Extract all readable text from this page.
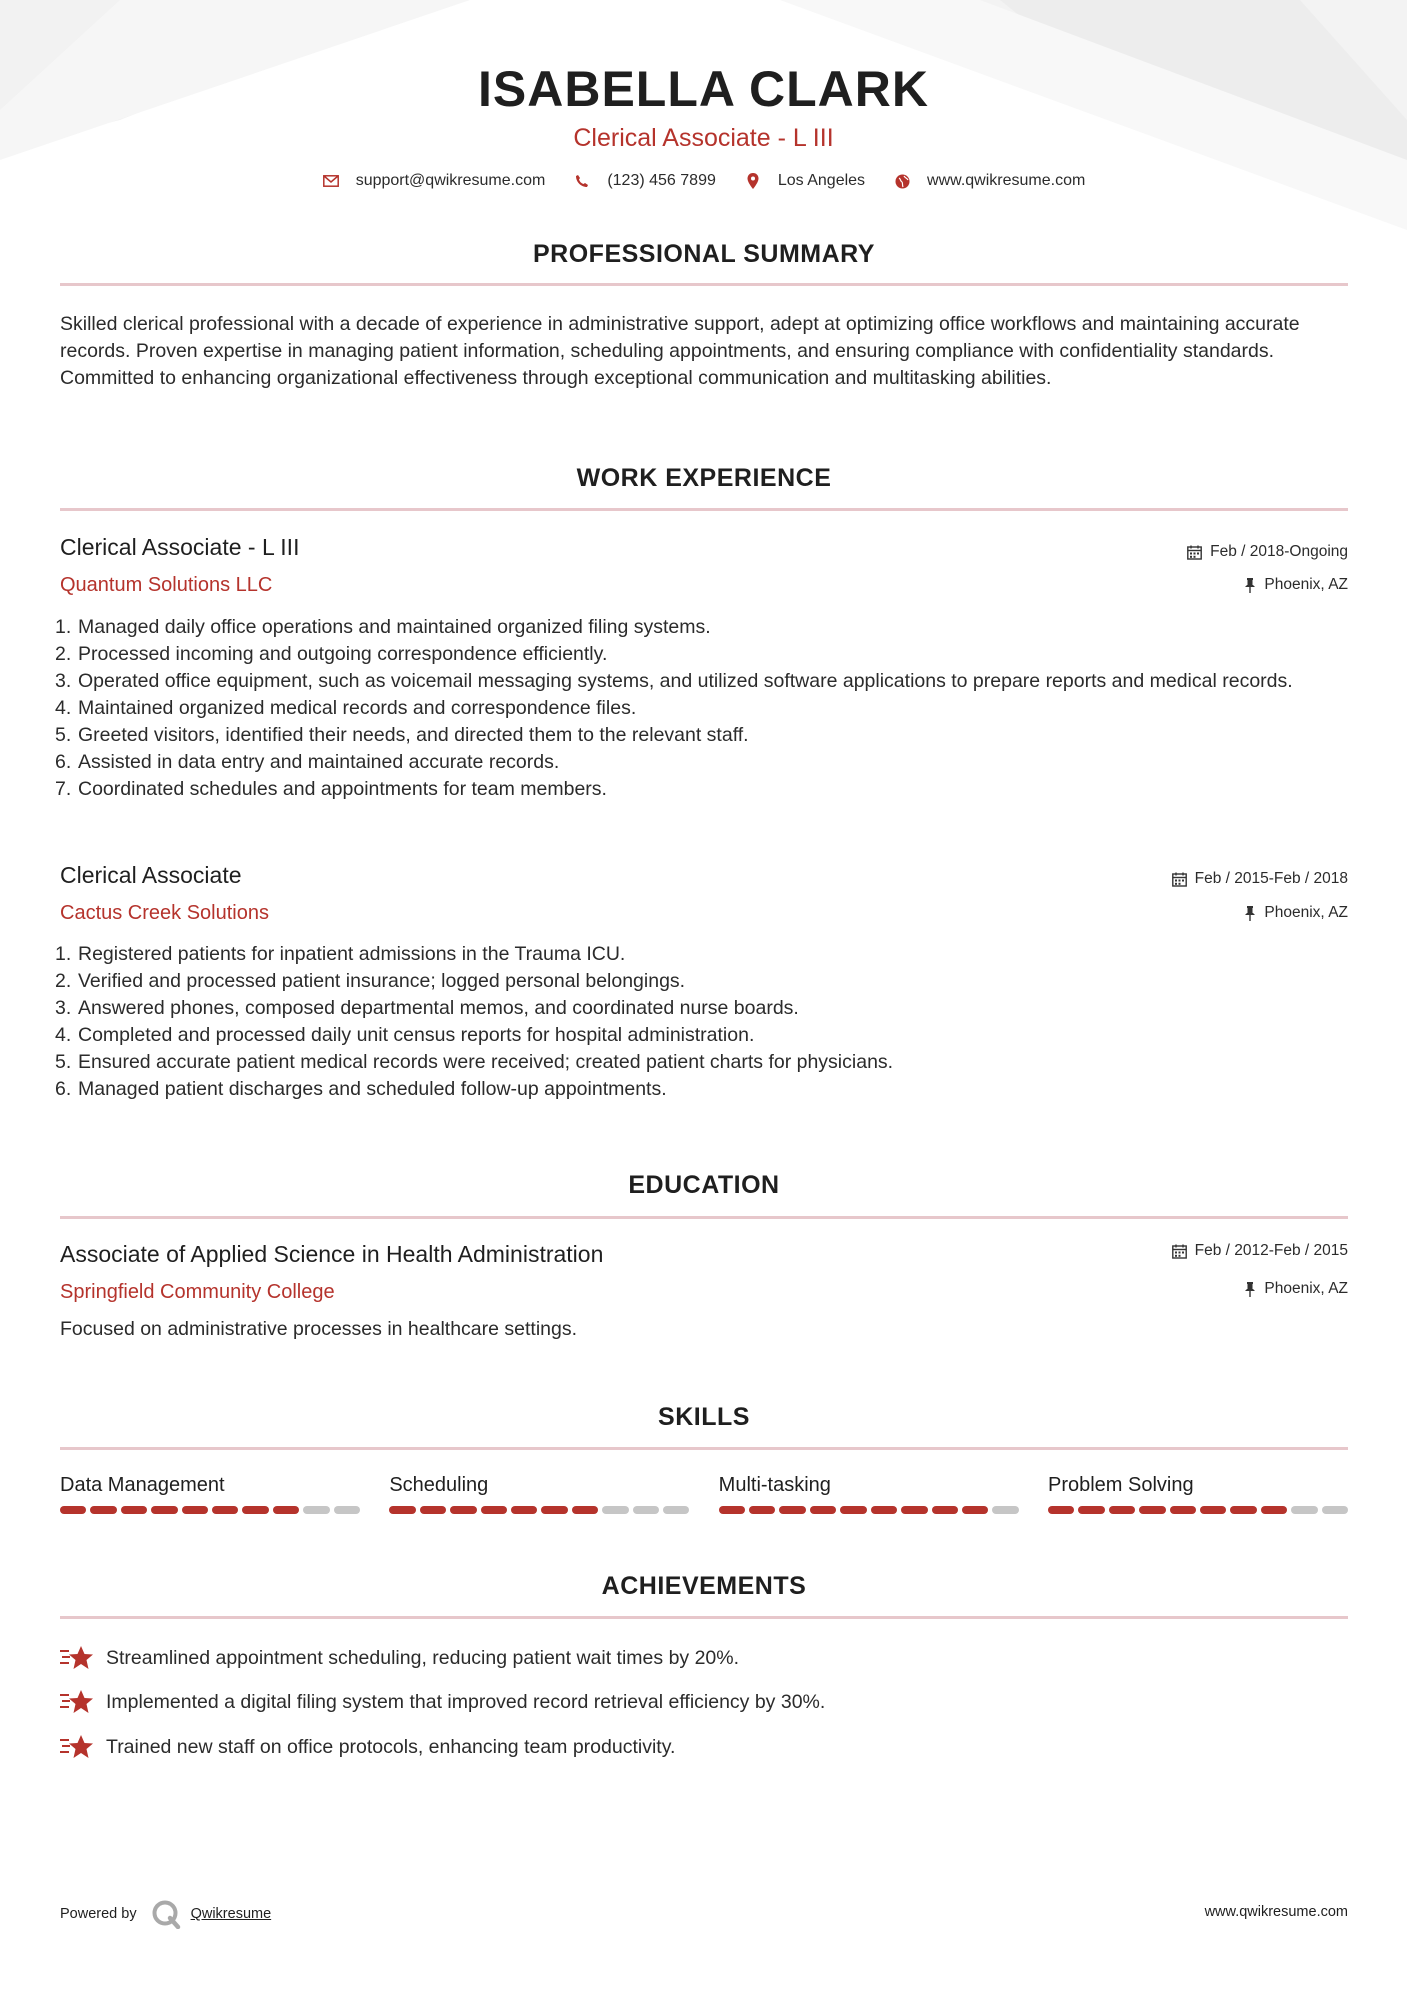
ISABELLA CLARK
Clerical Associate - L III
support@qwikresume.com	(123) 456 7899	Los Angeles	www.qwikresume.com
PROFESSIONAL SUMMARY
Skilled clerical professional with a decade of experience in administrative support, adept at optimizing office workflows and maintaining accurate records. Proven expertise in managing patient information, scheduling appointments, and ensuring compliance with confidentiality standards. Committed to enhancing organizational effectiveness through exceptional communication and multitasking abilities.
WORK EXPERIENCE
Clerical Associate - L III
Quantum Solutions LLC
Feb / 2018-Ongoing
Phoenix, AZ
Managed daily office operations and maintained organized filing systems.
Processed incoming and outgoing correspondence efficiently.
Operated office equipment, such as voicemail messaging systems, and utilized software applications to prepare reports and medical records.
Maintained organized medical records and correspondence files.
Greeted visitors, identified their needs, and directed them to the relevant staff.
Assisted in data entry and maintained accurate records.
Coordinated schedules and appointments for team members.
Clerical Associate
Cactus Creek Solutions
Feb / 2015-Feb / 2018
Phoenix, AZ
Registered patients for inpatient admissions in the Trauma ICU.
Verified and processed patient insurance; logged personal belongings.
Answered phones, composed departmental memos, and coordinated nurse boards.
Completed and processed daily unit census reports for hospital administration.
Ensured accurate patient medical records were received; created patient charts for physicians.
Managed patient discharges and scheduled follow-up appointments.
EDUCATION
Associate of Applied Science in Health Administration
Springfield Community College
Feb / 2012-Feb / 2015
Phoenix, AZ
Focused on administrative processes in healthcare settings.
SKILLS
Data Management	Scheduling	Multi-tasking	Problem Solving
ACHIEVEMENTS
Streamlined appointment scheduling, reducing patient wait times by 20%.
Implemented a digital filing system that improved record retrieval efficiency by 30%.
Trained new staff on office protocols, enhancing team productivity.
Powered by	Qwikresume	www.qwikresume.com
